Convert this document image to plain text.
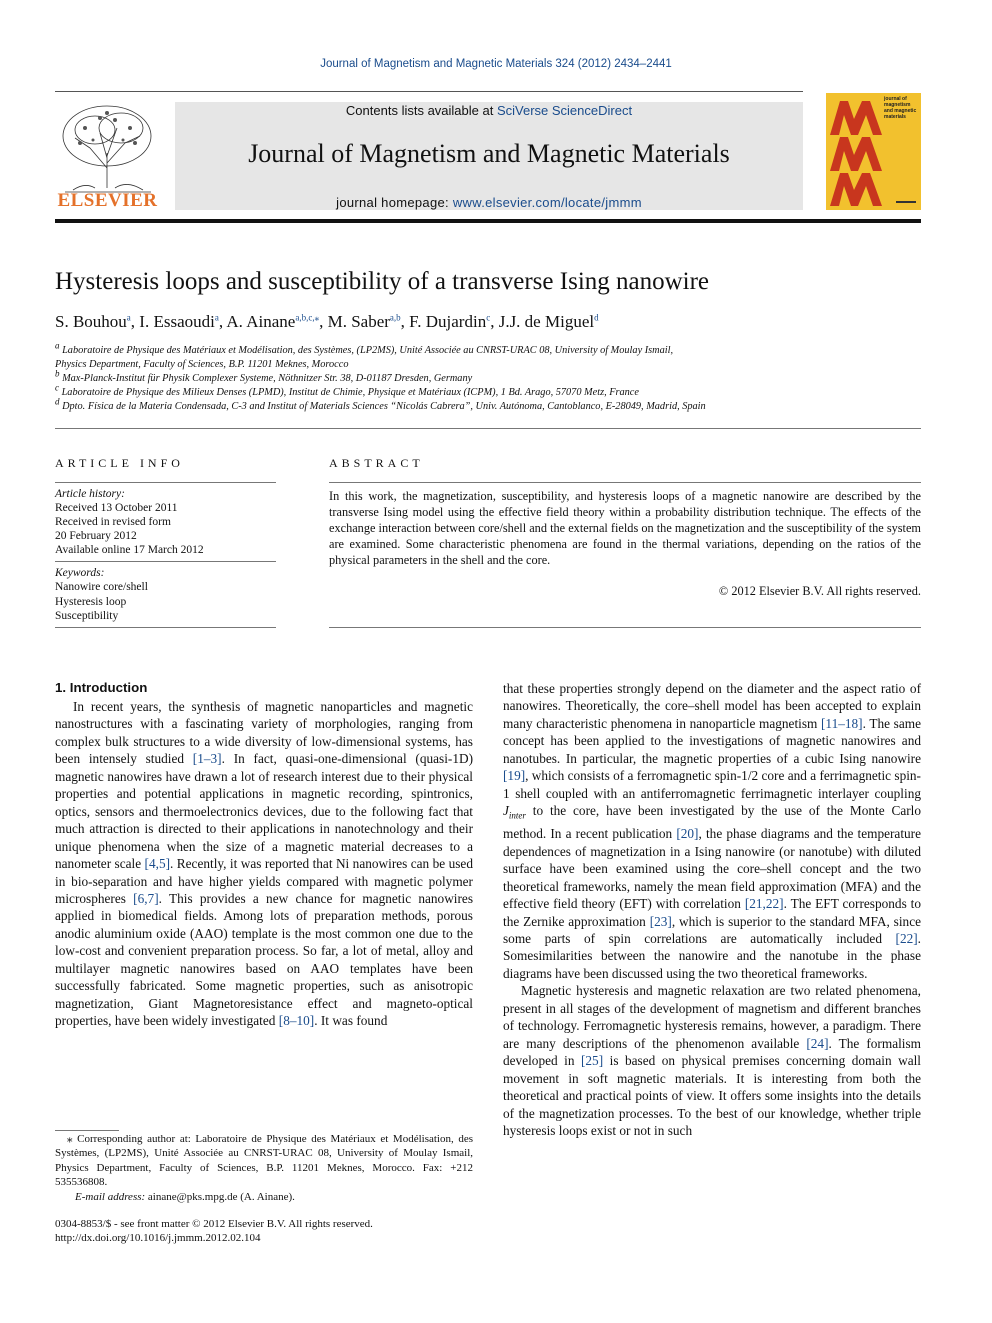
Journal of Magnetism and Magnetic Materials 324 (2012) 2434–2441
ELSEVIER
Contents lists available at SciVerse ScienceDirect
Journal of Magnetism and Magnetic Materials
journal homepage: www.elsevier.com/locate/jmmm
journal of magnetism and magnetic materials
Hysteresis loops and susceptibility of a transverse Ising nanowire
S. Bouhou$^a$, I. Essaoudi$^a$, A. Ainane$^{a,b,c,⁎}$, M. Saber$^{a,b}$, F. Dujardin$^c$, J.J. de Miguel$^d$
$^a$ Laboratoire de Physique des Matériaux et Modélisation, des Systèmes, (LP2MS), Unité Associée au CNRST-URAC 08, University of Moulay Ismail,
Physics Department, Faculty of Sciences, B.P. 11201 Meknes, Morocco
$^b$ Max-Planck-Institut für Physik Complexer Systeme, Nöthnitzer Str. 38, D-01187 Dresden, Germany
$^c$ Laboratoire de Physique des Milieux Denses (LPMD), Institut de Chimie, Physique et Matériaux (ICPM), 1 Bd. Arago, 57070 Metz, France
$^d$ Dpto. Física de la Materia Condensada, C-3 and Institut of Materials Sciences “Nicolás Cabrera”, Univ. Autónoma, Cantoblanco, E-28049, Madrid, Spain
ARTICLE INFO
Article history:
Received 13 October 2011
Received in revised form
20 February 2012
Available online 17 March 2012
Keywords:
Nanowire core/shell
Hysteresis loop
Susceptibility
ABSTRACT
In this work, the magnetization, susceptibility, and hysteresis loops of a magnetic nanowire are described by the transverse Ising model using the effective field theory within a probability distribution technique. The effects of the exchange interaction between core/shell and the external fields on the magnetization and the susceptibility of the system are examined. Some characteristic phenomena are found in the thermal variations, depending on the ratios of the physical parameters in the shell and the core.
© 2012 Elsevier B.V. All rights reserved.
1. Introduction

In recent years, the synthesis of magnetic nanoparticles and magnetic nanostructures with a fascinating variety of morphologies, ranging from complex bulk structures to a wide diversity of low-dimensional systems, has been intensely studied [1–3]. In fact, quasi-one-dimensional (quasi-1D) magnetic nanowires have drawn a lot of research interest due to their physical properties and potential applications in magnetic recording, spintronics, optics, sensors and thermoelectronics devices, due to the following fact that much attraction is directed to their applications in nanotechnology and their unique phenomena when the size of a magnetic material decreases to a nanometer scale [4,5]. Recently, it was reported that Ni nanowires can be used in bio-separation and have higher yields compared with magnetic polymer microspheres [6,7]. This provides a new chance for magnetic nanowires applied in biomedical fields. Among lots of preparation methods, porous anodic aluminium oxide (AAO) template is the most common one due to the low-cost and convenient preparation process. So far, a lot of metal, alloy and multilayer magnetic nanowires based on AAO templates have been successfully fabricated. Some magnetic properties, such as anisotropic magnetization, Giant Magnetoresistance effect and magneto-optical properties, have been widely investigated [8–10]. It was found

that these properties strongly depend on the diameter and the aspect ratio of nanowires. Theoretically, the core–shell model has been accepted to explain many characteristic phenomena in nanoparticle magnetism [11–18]. The same concept has been applied to the investigations of magnetic nanowires and nanotubes. In particular, the magnetic properties of a cubic Ising nanowire [19], which consists of a ferromagnetic spin-1/2 core and a ferrimagnetic spin-1 shell coupled with an antiferromagnetic ferrimagnetic interlayer coupling $J_{inter}$ to the core, have been investigated by the use of the Monte Carlo method. In a recent publication [20], the phase diagrams and the temperature dependences of magnetization in a Ising nanowire (or nanotube) with diluted surface have been examined using the core–shell concept and the two theoretical frameworks, namely the mean field approximation (MFA) and the effective field theory (EFT) with correlation [21,22]. The EFT corresponds to the Zernike approximation [23], which is superior to the standard MFA, since some parts of spin correlations are automatically included [22]. Somesimilarities between the nanowire and the nanotube in the phase diagrams have been discussed using the two theoretical frameworks.

Magnetic hysteresis and magnetic relaxation are two related phenomena, present in all stages of the development of magnetism and different branches of technology. Ferromagnetic hysteresis remains, however, a paradigm. There are many descriptions of the phenomenon available [24]. The formalism developed in [25] is based on physical premises concerning domain wall movement in soft magnetic materials. It is interesting from both the theoretical and practical points of view. It offers some insights into the details of the magnetization processes. To the best of our knowledge, whether triple hysteresis loops exist or not in such

⁎ Corresponding author at: Laboratoire de Physique des Matériaux et Modélisation, des Systèmes, (LP2MS), Unité Associée au CNRST-URAC 08, University of Moulay Ismail, Physics Department, Faculty of Sciences, B.P. 11201 Meknes, Morocco. Fax: +212 535536808.
E-mail address: ainane@pks.mpg.de (A. Ainane).
0304-8853/$ - see front matter © 2012 Elsevier B.V. All rights reserved.
http://dx.doi.org/10.1016/j.jmmm.2012.02.104
